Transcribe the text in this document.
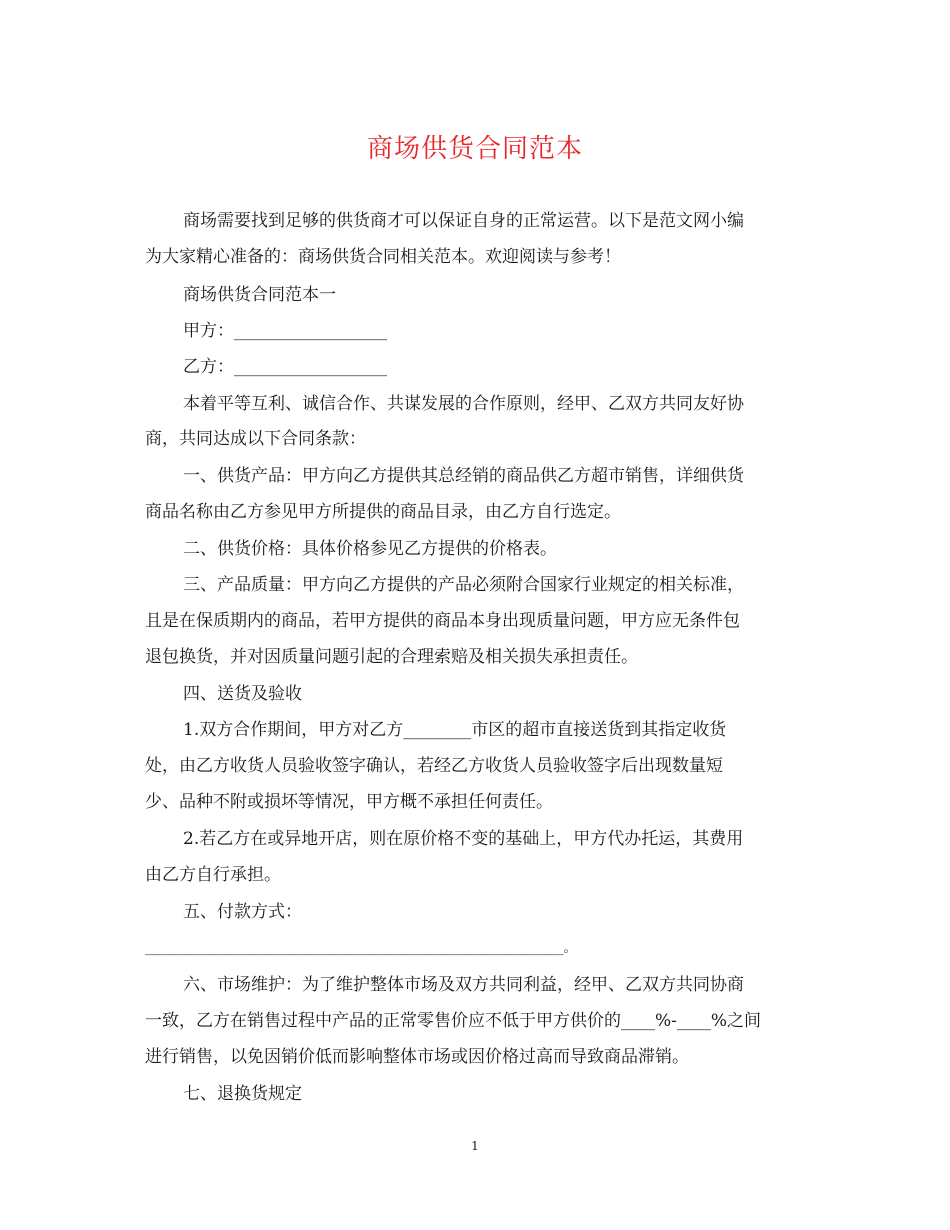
商场供货合同范本
商场需要找到足够的供货商才可以保证自身的正常运营。以下是范文网小编
为大家精心准备的：商场供货合同相关范本。欢迎阅读与参考！
商场供货合同范本一
甲方：__________________
乙方：__________________
本着平等互利、诚信合作、共谋发展的合作原则，经甲、乙双方共同友好协
商，共同达成以下合同条款：
一、供货产品：甲方向乙方提供其总经销的商品供乙方超市销售，详细供货
商品名称由乙方参见甲方所提供的商品目录，由乙方自行选定。
二、供货价格：具体价格参见乙方提供的价格表。
三、产品质量：甲方向乙方提供的产品必须附合国家行业规定的相关标准，
且是在保质期内的商品，若甲方提供的商品本身出现质量问题，甲方应无条件包
退包换货，并对因质量问题引起的合理索赔及相关损失承担责任。
四、送货及验收
1.双方合作期间，甲方对乙方________市区的超市直接送货到其指定收货
处，由乙方收货人员验收签字确认，若经乙方收货人员验收签字后出现数量短
少、品种不附或损坏等情况，甲方概不承担任何责任。
2.若乙方在或异地开店，则在原价格不变的基础上，甲方代办托运，其费用
由乙方自行承担。
五、付款方式：
______________________________________________________________。
六、市场维护：为了维护整体市场及双方共同利益，经甲、乙双方共同协商
一致，乙方在销售过程中产品的正常零售价应不低于甲方供价的____%-____%之间
进行销售，以免因销价低而影响整体市场或因价格过高而导致商品滞销。
七、退换货规定
1
